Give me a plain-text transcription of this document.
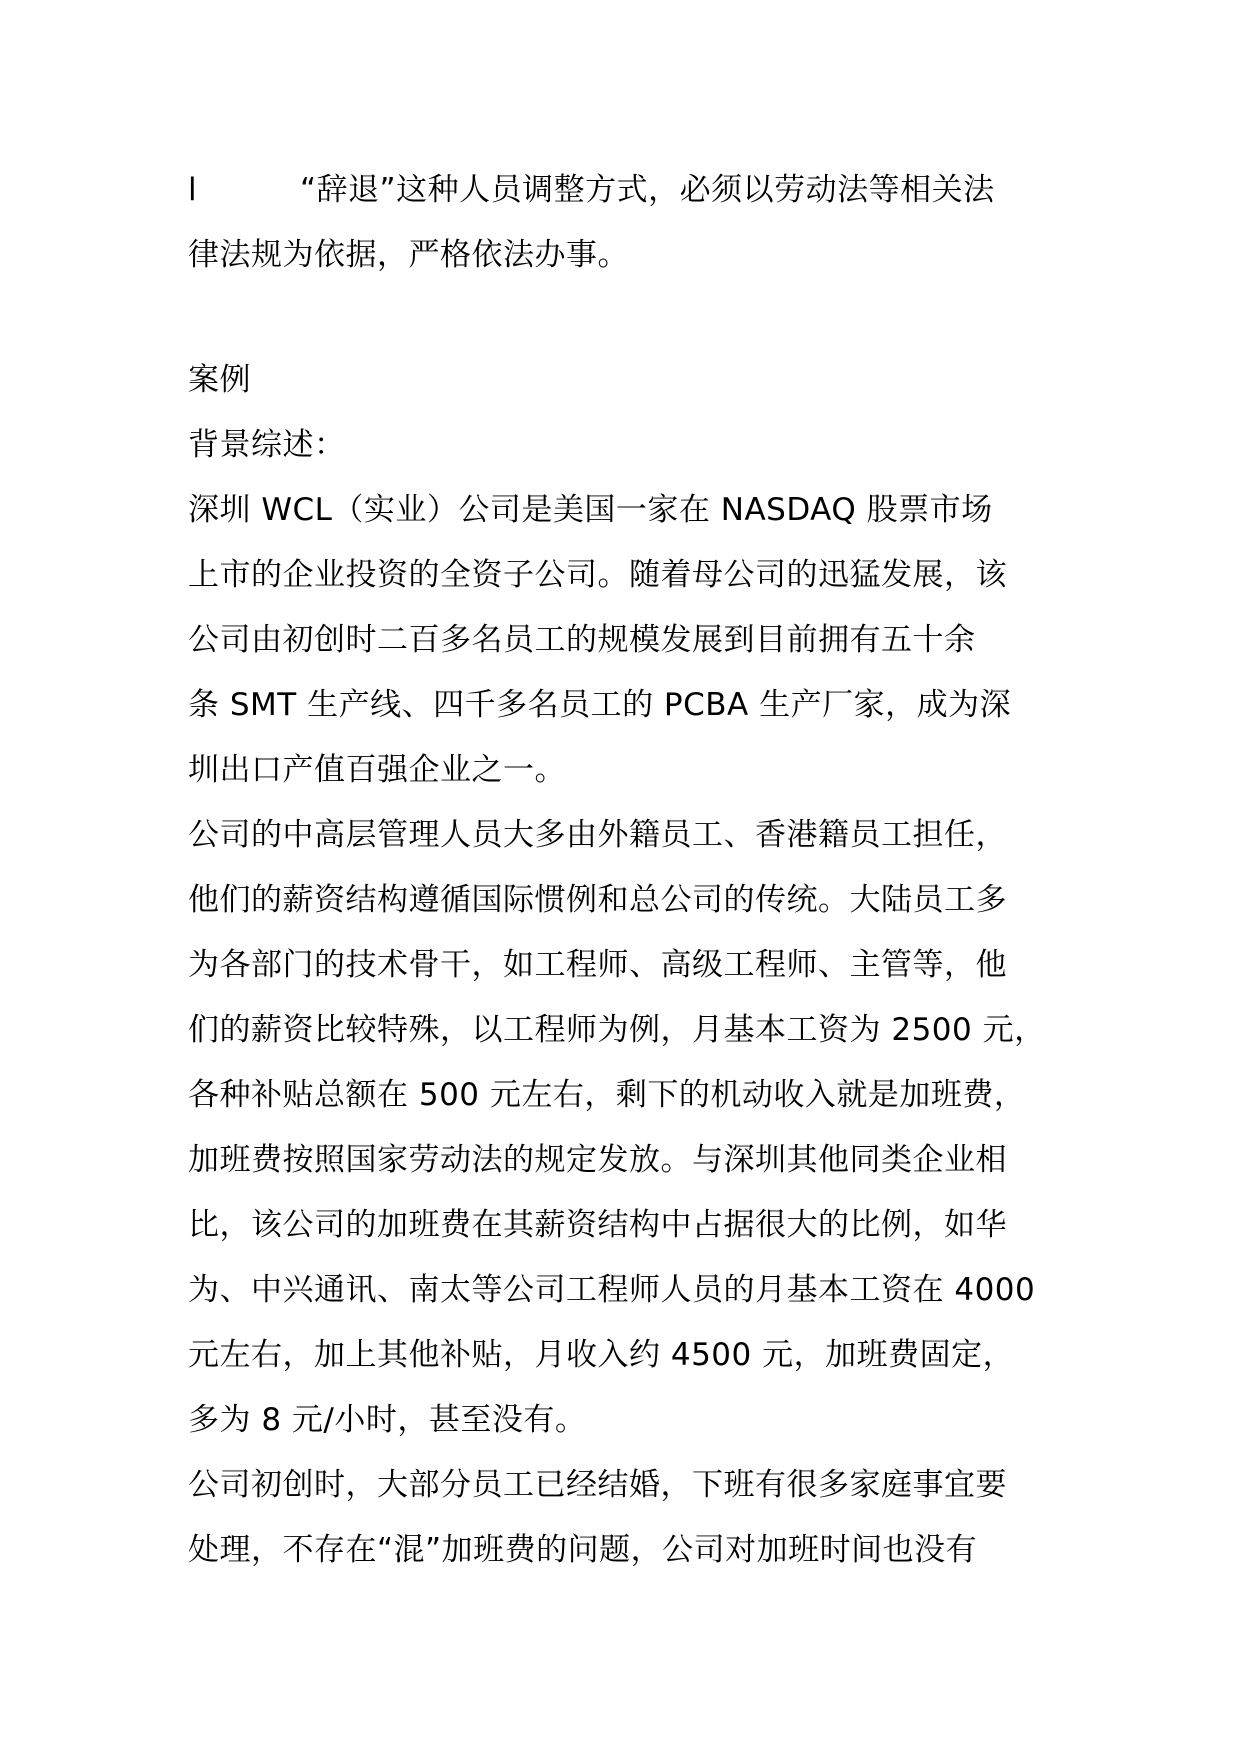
l	“辞退”这种人员调整方式，必须以劳动法等相关法
律法规为依据，严格依法办事。
案例
背景综述：
深圳 WCL（实业）公司是美国一家在 NASDAQ 股票市场
上市的企业投资的全资子公司。随着母公司的迅猛发展，该
公司由初创时二百多名员工的规模发展到目前拥有五十余
条 SMT 生产线、四千多名员工的 PCBA 生产厂家，成为深
圳出口产值百强企业之一。
公司的中高层管理人员大多由外籍员工、香港籍员工担任，
他们的薪资结构遵循国际惯例和总公司的传统。大陆员工多
为各部门的技术骨干，如工程师、高级工程师、主管等，他
们的薪资比较特殊，以工程师为例，月基本工资为 2500 元，
各种补贴总额在 500 元左右，剩下的机动收入就是加班费，
加班费按照国家劳动法的规定发放。与深圳其他同类企业相
比，该公司的加班费在其薪资结构中占据很大的比例，如华
为、中兴通讯、南太等公司工程师人员的月基本工资在 4000
元左右，加上其他补贴，月收入约 4500 元，加班费固定，
多为 8 元/小时，甚至没有。
公司初创时，大部分员工已经结婚，下班有很多家庭事宜要
处理，不存在“混”加班费的问题，公司对加班时间也没有
